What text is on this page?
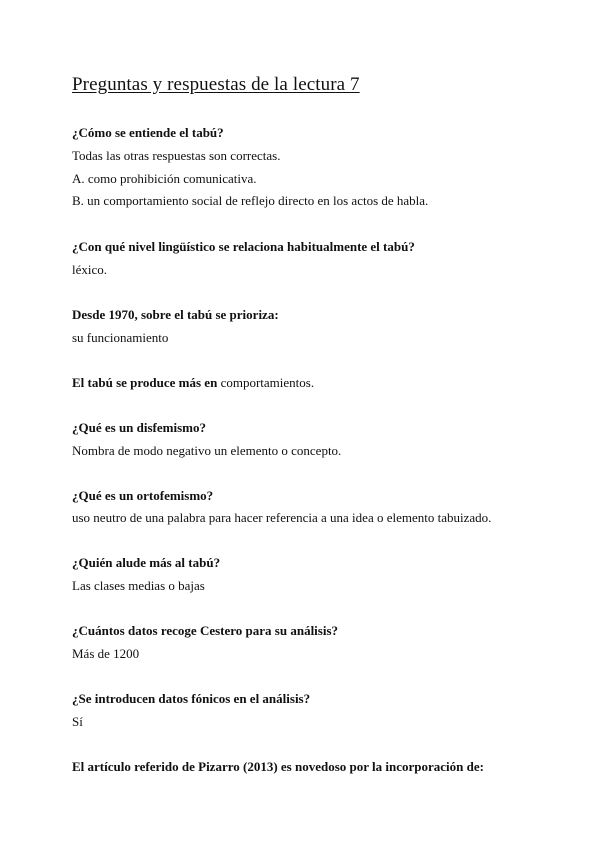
Preguntas y respuestas de la lectura 7
¿Cómo se entiende el tabú?
Todas las otras respuestas son correctas.
A. como prohibición comunicativa.
B. un comportamiento social de reflejo directo en los actos de habla.
¿Con qué nivel lingüístico se relaciona habitualmente el tabú?
léxico.
Desde 1970, sobre el tabú se prioriza:
su funcionamiento
El tabú se produce más en comportamientos.
¿Qué es un disfemismo?
Nombra de modo negativo un elemento o concepto.
¿Qué es un ortofemismo?
uso neutro de una palabra para hacer referencia a una idea o elemento tabuizado.
¿Quién alude más al tabú?
Las clases medias o bajas
¿Cuántos datos recoge Cestero para su análisis?
Más de 1200
¿Se introducen datos fónicos en el análisis?
Sí
El artículo referido de Pizarro (2013) es novedoso por la incorporación de:
